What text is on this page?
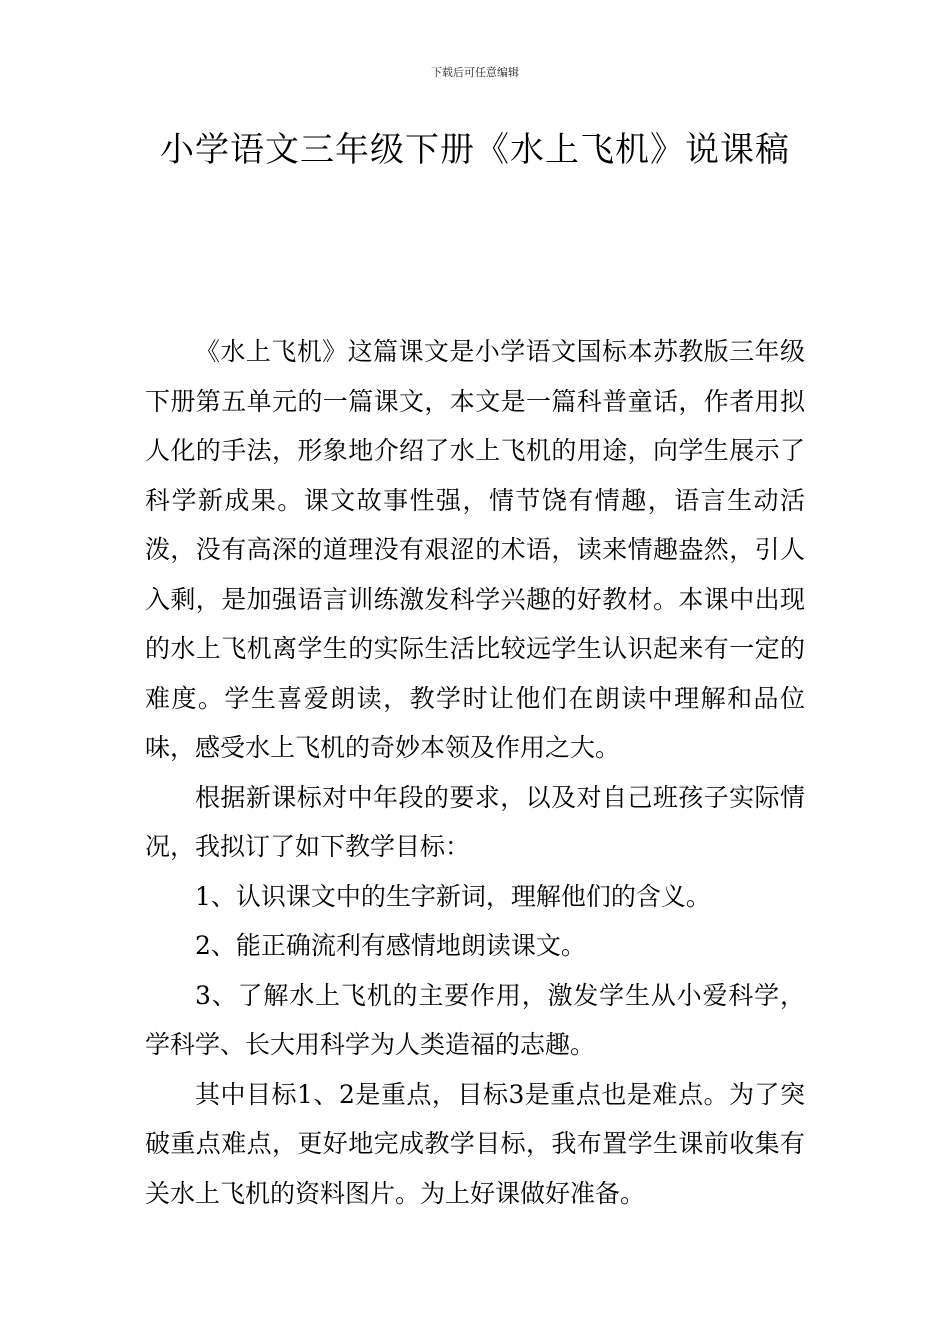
下载后可任意编辑
小学语文三年级下册《水上飞机》说课稿

《水上飞机》这篇课文是小学语文国标本苏教版三年级下册第五单元的一篇课文，本文是一篇科普童话，作者用拟人化的手法，形象地介绍了水上飞机的用途，向学生展示了科学新成果。课文故事性强，情节饶有情趣，语言生动活泼，没有高深的道理没有艰涩的术语，读来情趣盎然，引人入剩，是加强语言训练激发科学兴趣的好教材。本课中出现的水上飞机离学生的实际生活比较远学生认识起来有一定的难度。学生喜爱朗读，教学时让他们在朗读中理解和品位味，感受水上飞机的奇妙本领及作用之大。

根据新课标对中年段的要求，以及对自己班孩子实际情况，我拟订了如下教学目标：

1、认识课文中的生字新词，理解他们的含义。

2、能正确流利有感情地朗读课文。

3、了解水上飞机的主要作用，激发学生从小爱科学，学科学、长大用科学为人类造福的志趣。

其中目标1、2是重点，目标3是重点也是难点。为了突破重点难点，更好地完成教学目标，我布置学生课前收集有关水上飞机的资料图片。为上好课做好准备。
